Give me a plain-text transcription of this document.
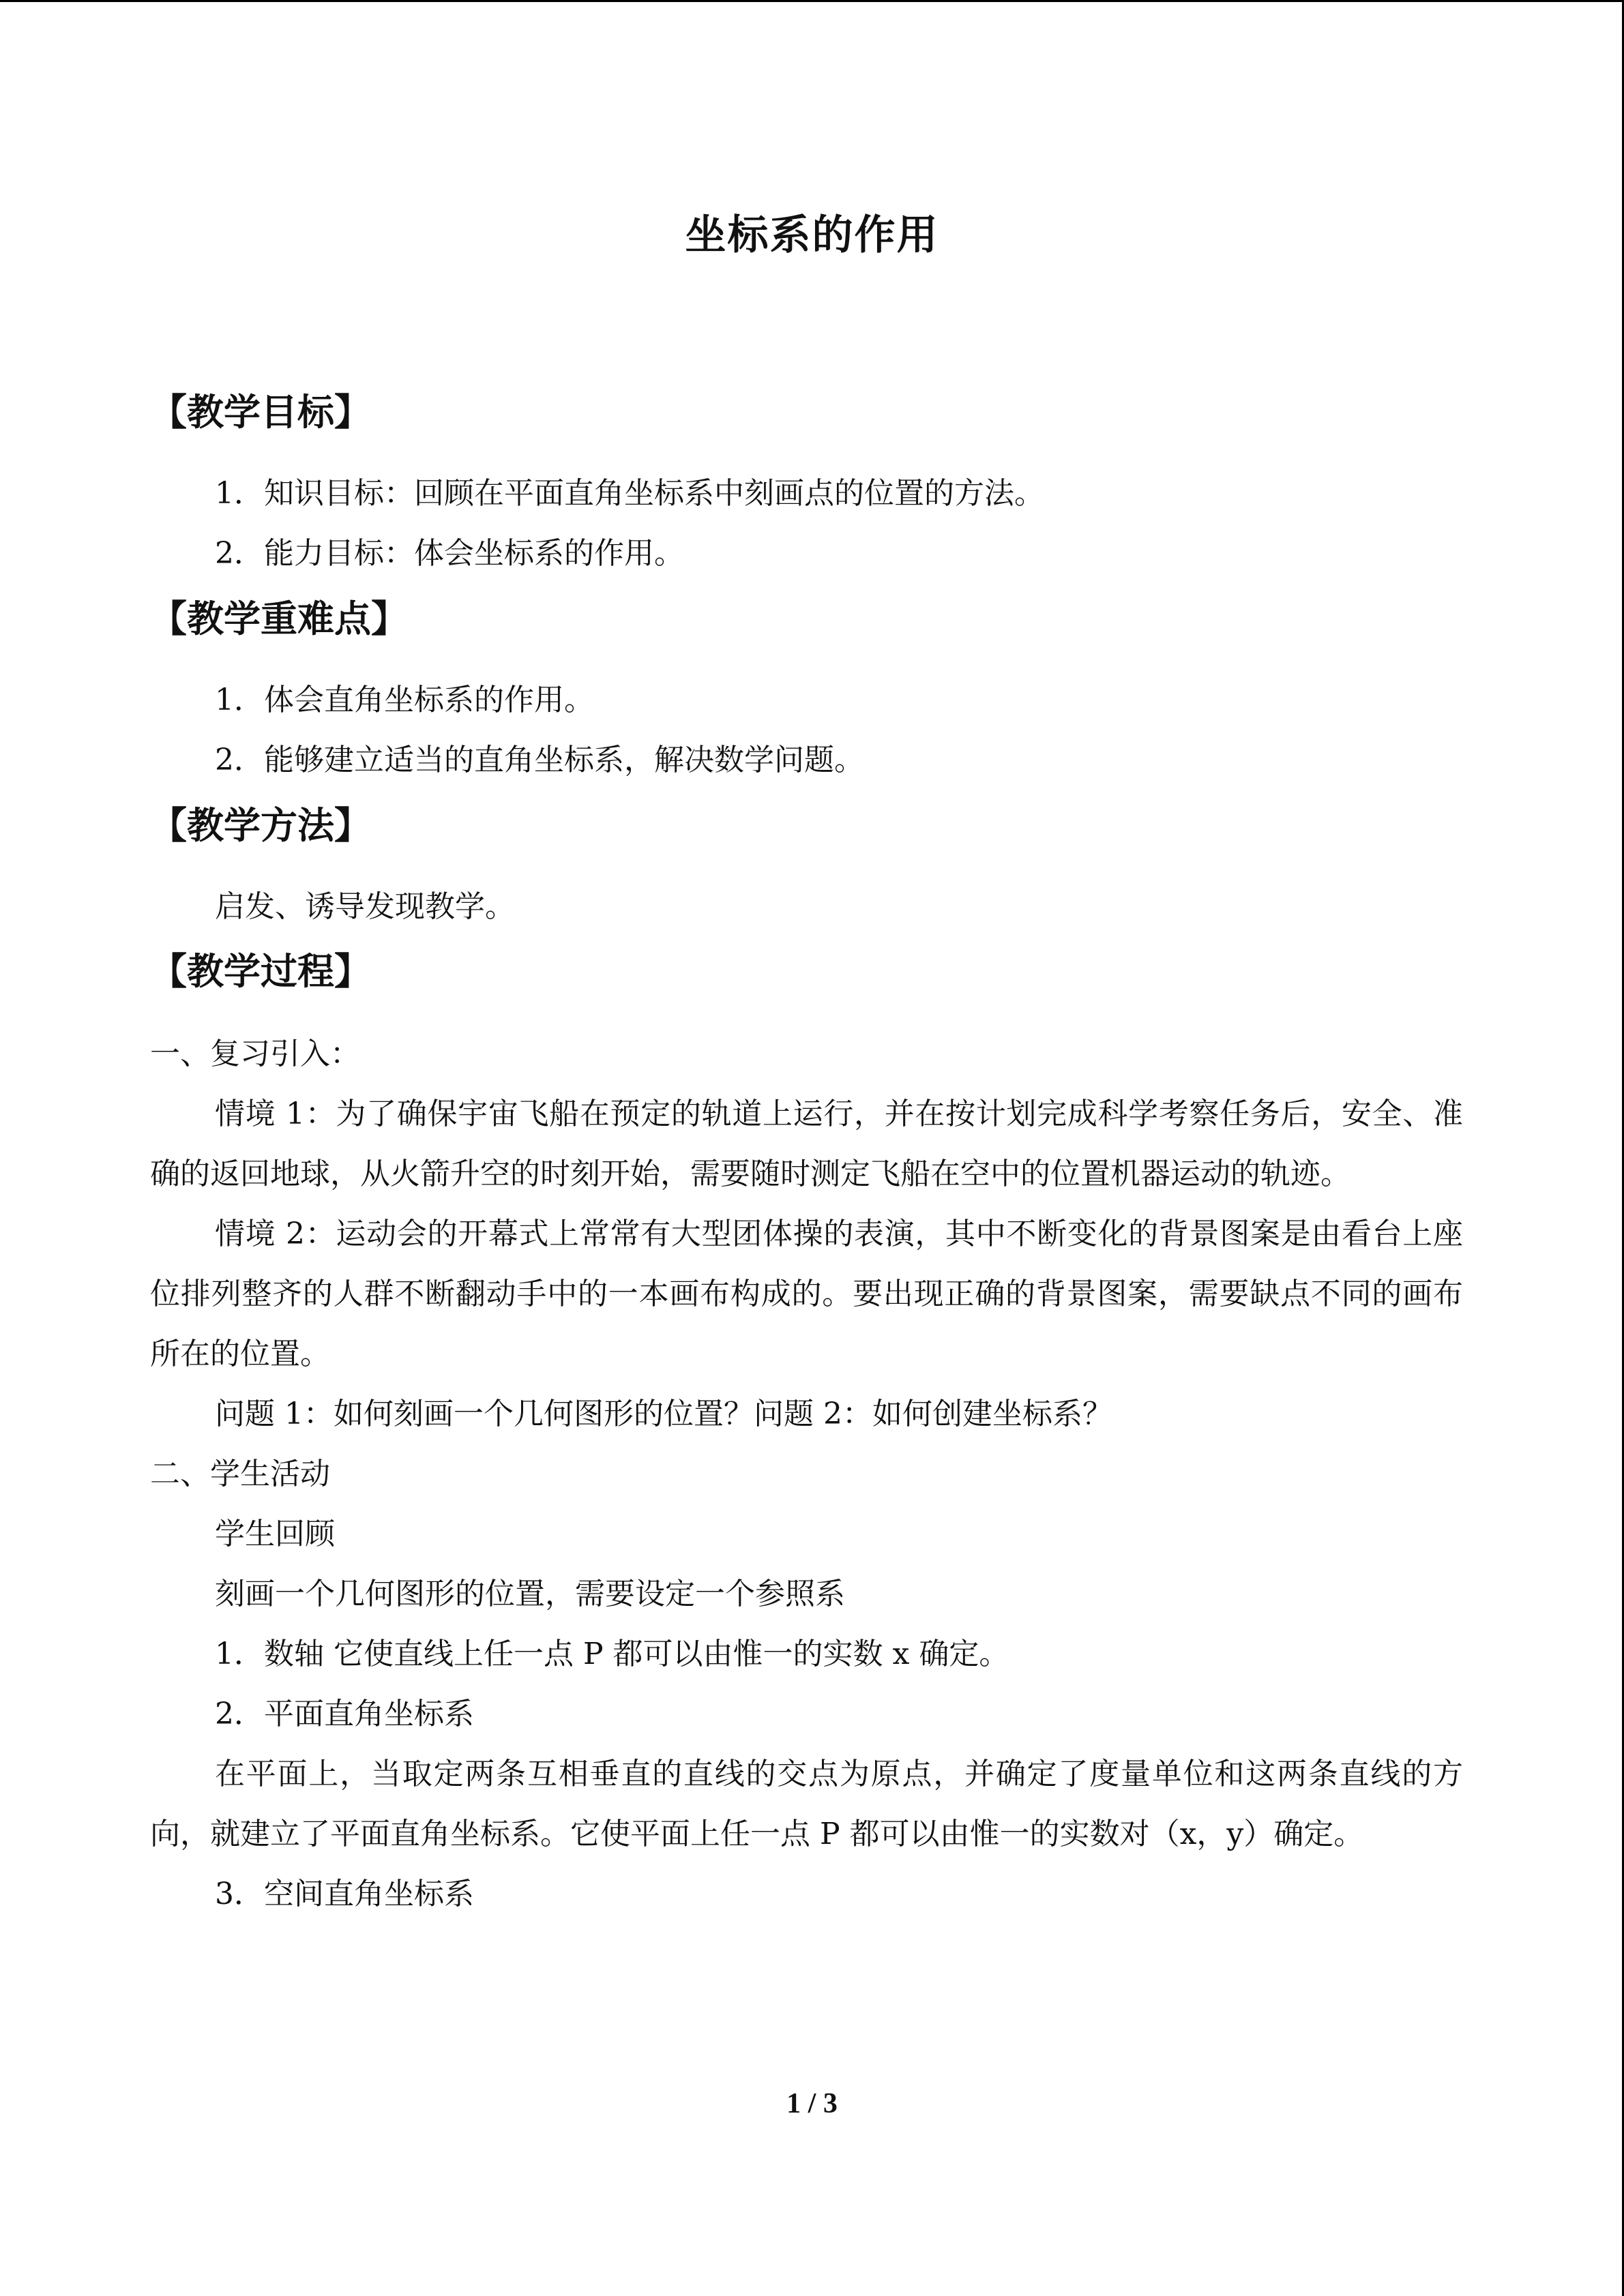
坐标系的作用

【教学目标】

1．知识目标：回顾在平面直角坐标系中刻画点的位置的方法。

2．能力目标：体会坐标系的作用。

【教学重难点】

1．体会直角坐标系的作用。

2．能够建立适当的直角坐标系，解决数学问题。

【教学方法】

启发、诱导发现教学。

【教学过程】

一、复习引入：

情境 1：为了确保宇宙飞船在预定的轨道上运行，并在按计划完成科学考察任务后，安全、准确的返回地球，从火箭升空的时刻开始，需要随时测定飞船在空中的位置机器运动的轨迹。

情境 2：运动会的开幕式上常常有大型团体操的表演，其中不断变化的背景图案是由看台上座位排列整齐的人群不断翻动手中的一本画布构成的。要出现正确的背景图案，需要缺点不同的画布所在的位置。

问题 1：如何刻画一个几何图形的位置？问题 2：如何创建坐标系？

二、学生活动

学生回顾

刻画一个几何图形的位置，需要设定一个参照系

1．数轴 它使直线上任一点 P 都可以由惟一的实数 x 确定。

2．平面直角坐标系

在平面上，当取定两条互相垂直的直线的交点为原点，并确定了度量单位和这两条直线的方向，就建立了平面直角坐标系。它使平面上任一点 P 都可以由惟一的实数对（x，y）确定。

3．空间直角坐标系

1 / 3
